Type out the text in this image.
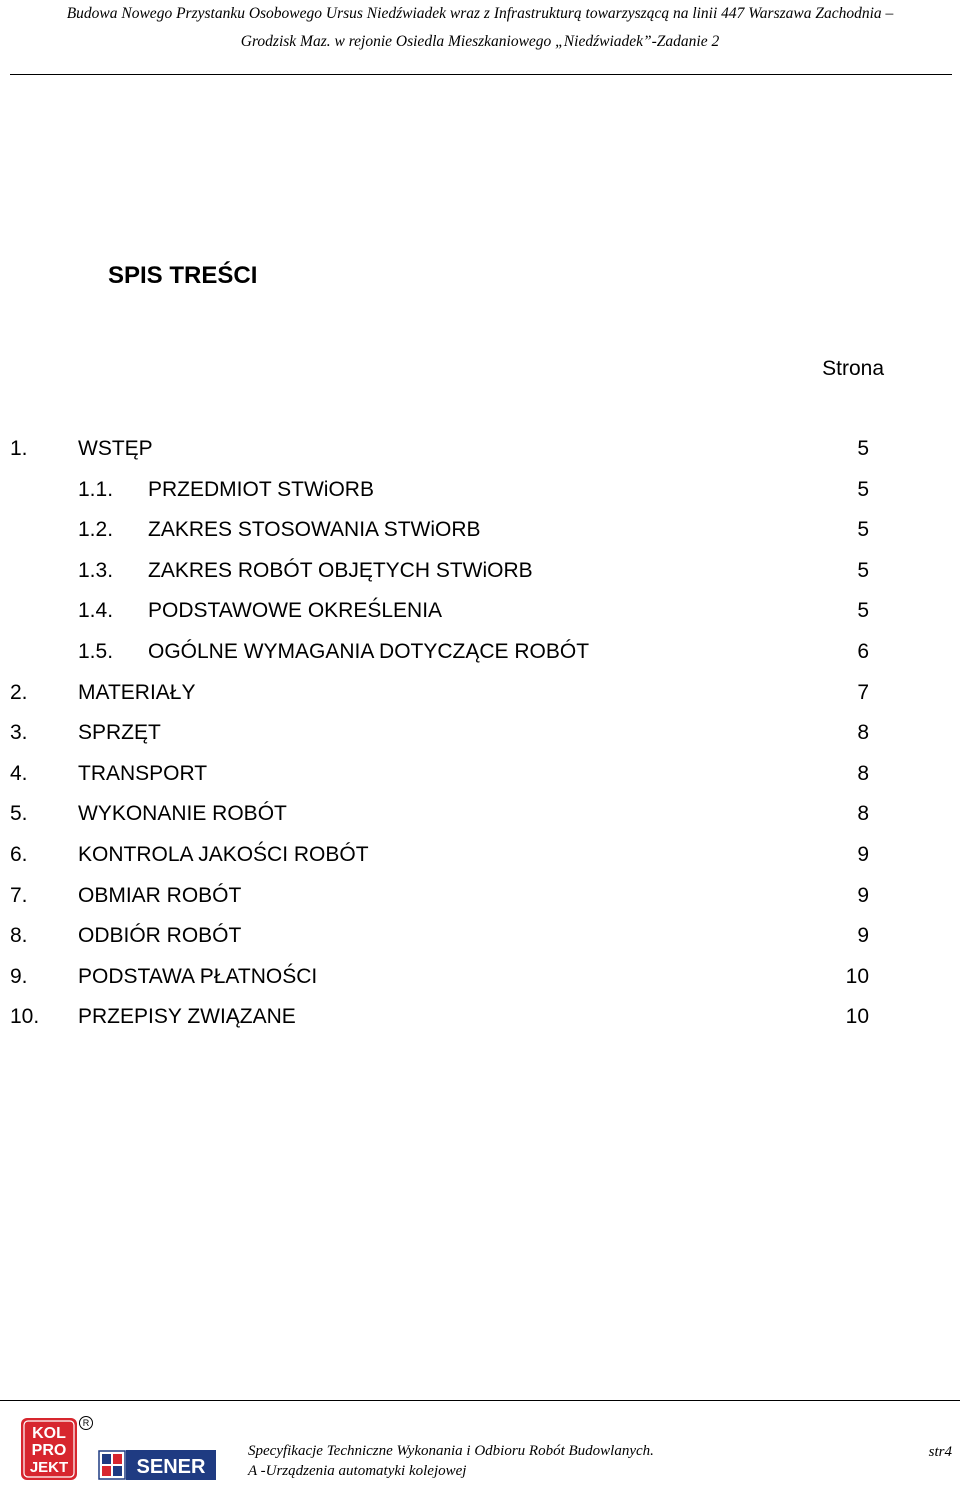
Budowa Nowego Przystanku Osobowego Ursus Niedźwiadek wraz z Infrastrukturą towarzyszącą na linii 447 Warszawa Zachodnia –
Grodzisk Maz. w rejonie Osiedla Mieszkaniowego „Niedźwiadek”-Zadanie 2
SPIS TREŚCI
Strona
1. WSTĘP	5
1.1. PRZEDMIOT STWiORB	5
1.2. ZAKRES STOSOWANIA STWiORB	5
1.3. ZAKRES ROBÓT OBJĘTYCH STWiORB	5
1.4. PODSTAWOWE OKREŚLENIA	5
1.5. OGÓLNE WYMAGANIA DOTYCZĄCE ROBÓT	6
2. MATERIAŁY	7
3. SPRZĘT	8
4. TRANSPORT	8
5. WYKONANIE ROBÓT	8
6. KONTROLA JAKOŚCI ROBÓT	9
7. OBMIAR ROBÓT	9
8. ODBIÓR ROBÓT	9
9. PODSTAWA PŁATNOŚCI	10
10. PRZEPISY ZWIĄZANE	10
KOL
PRO
JEKT
R
SENER
Specyfikacje Techniczne Wykonania i Odbioru Robót Budowlanych.
A -Urządzenia automatyki kolejowej
str4
